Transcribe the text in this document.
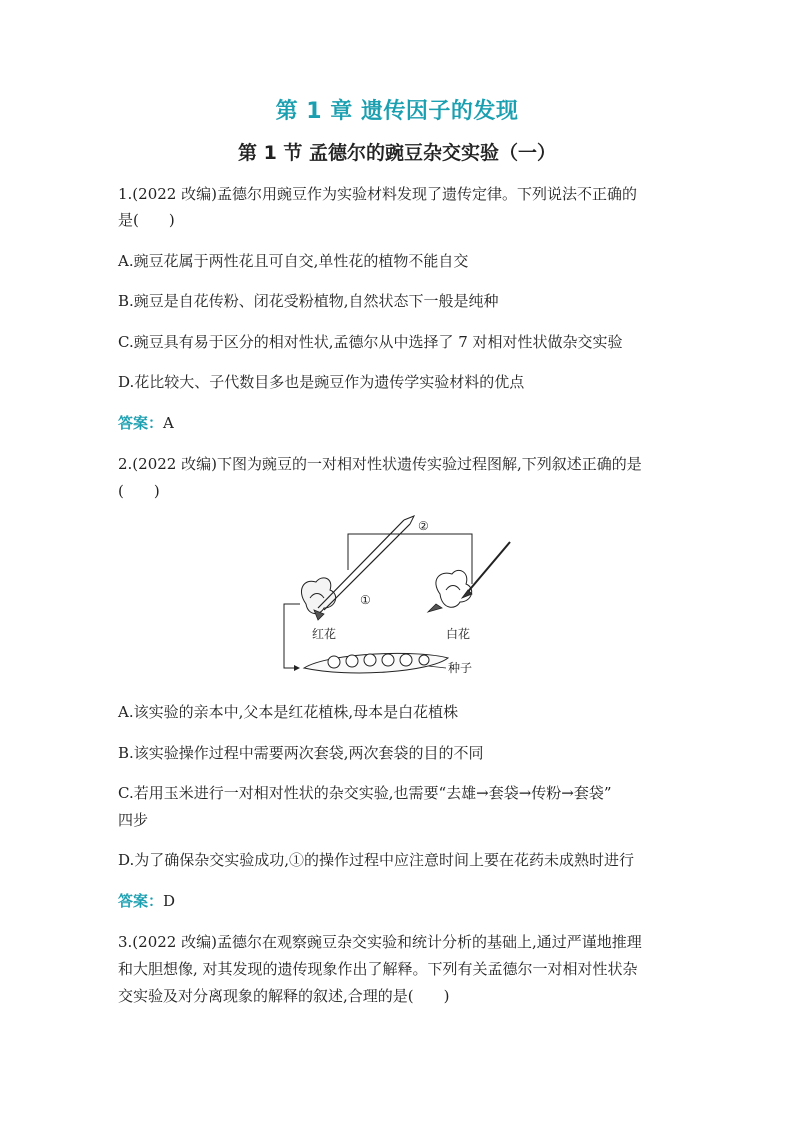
第 1 章 遗传因子的发现
第 1 节 孟德尔的豌豆杂交实验（一）
1.(2022 改编)孟德尔用豌豆作为实验材料发现了遗传定律。下列说法不正确的
是(　　)
A.豌豆花属于两性花且可自交,单性花的植物不能自交
B.豌豆是自花传粉、闭花受粉植物,自然状态下一般是纯种
C.豌豆具有易于区分的相对性状,孟德尔从中选择了 7 对相对性状做杂交实验
D.花比较大、子代数目多也是豌豆作为遗传学实验材料的优点
答案：A
2.(2022 改编)下图为豌豆的一对相对性状遗传实验过程图解,下列叙述正确的是
(　　)
②
①
红花	白花
种子
A.该实验的亲本中,父本是红花植株,母本是白花植株
B.该实验操作过程中需要两次套袋,两次套袋的目的不同
C.若用玉米进行一对相对性状的杂交实验,也需要“去雄→套袋→传粉→套袋”
四步
D.为了确保杂交实验成功,①的操作过程中应注意时间上要在花药未成熟时进行
答案：D
3.(2022 改编)孟德尔在观察豌豆杂交实验和统计分析的基础上,通过严谨地推理
和大胆想像, 对其发现的遗传现象作出了解释。下列有关孟德尔一对相对性状杂
交实验及对分离现象的解释的叙述,合理的是(　　)
